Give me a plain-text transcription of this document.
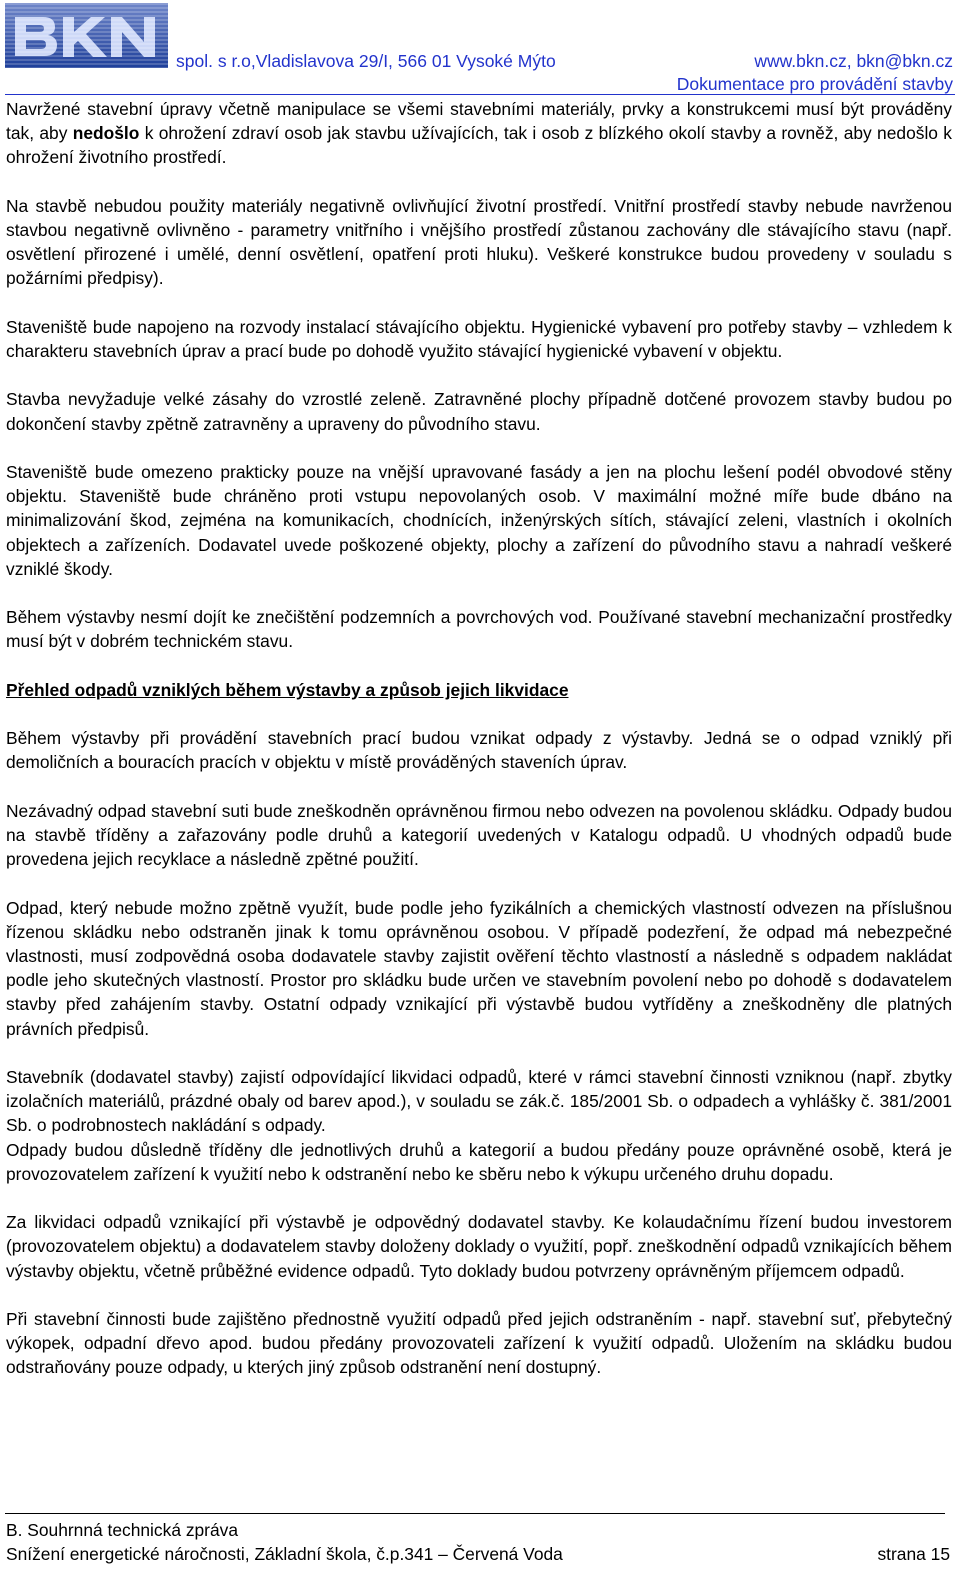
spol. s r.o,Vladislavova 29/I, 566 01 Vysoké Mýto	www.bkn.cz, bkn@bkn.cz
Dokumentace pro provádění stavby

Navržené stavební úpravy včetně manipulace se všemi stavebními materiály, prvky a konstrukcemi musí být prováděny tak, aby nedošlo k ohrožení zdraví osob jak stavbu užívajících, tak i osob z blízkého okolí stavby a rovněž, aby nedošlo k ohrožení životního prostředí.

Na stavbě nebudou použity materiály negativně ovlivňující životní prostředí. Vnitřní prostředí stavby nebude navrženou stavbou negativně ovlivněno - parametry vnitřního i vnějšího prostředí zůstanou zachovány dle stávajícího stavu (např. osvětlení přirozené i umělé, denní osvětlení, opatření proti hluku). Veškeré konstrukce budou provedeny v souladu s požárními předpisy).

Staveniště bude napojeno na rozvody instalací stávajícího objektu. Hygienické vybavení pro potřeby stavby – vzhledem k charakteru stavebních úprav a prací bude po dohodě využito stávající hygienické vybavení v objektu.

Stavba nevyžaduje velké zásahy do vzrostlé zeleně. Zatravněné plochy případně dotčené provozem stavby budou po dokončení stavby zpětně zatravněny a upraveny do původního stavu.

Staveniště bude omezeno prakticky pouze na vnější upravované fasády a jen na plochu lešení podél obvodové stěny objektu. Staveniště bude chráněno proti vstupu nepovolaných osob. V maximální možné míře bude dbáno na minimalizování škod, zejména na komunikacích, chodnících, inženýrských sítích, stávající zeleni, vlastních i okolních objektech a zařízeních. Dodavatel uvede poškozené objekty, plochy a zařízení do původního stavu a nahradí veškeré vzniklé škody.

Během výstavby nesmí dojít ke znečištění podzemních a povrchových vod. Používané stavební mechanizační prostředky musí být v dobrém technickém stavu.

Přehled odpadů vzniklých během výstavby a způsob jejich likvidace

Během výstavby při provádění stavebních prací budou vznikat odpady z výstavby. Jedná se o odpad vzniklý při demoličních a bouracích pracích v objektu v místě prováděných staveních úprav.

Nezávadný odpad stavební suti bude zneškodněn oprávněnou firmou nebo odvezen na povolenou skládku. Odpady budou na stavbě tříděny a zařazovány podle druhů a kategorií uvedených v Katalogu odpadů. U vhodných odpadů bude provedena jejich recyklace a následně zpětné použití.

Odpad, který nebude možno zpětně využít, bude podle jeho fyzikálních a chemických vlastností odvezen na příslušnou řízenou skládku nebo odstraněn jinak k tomu oprávněnou osobou. V případě podezření, že odpad má nebezpečné vlastnosti, musí zodpovědná osoba dodavatele stavby zajistit ověření těchto vlastností a následně s odpadem nakládat podle jeho skutečných vlastností. Prostor pro skládku bude určen ve stavebním povolení nebo po dohodě s dodavatelem stavby před zahájením stavby. Ostatní odpady vznikající při výstavbě budou vytříděny a zneškodněny dle platných právních předpisů.

Stavebník (dodavatel stavby) zajistí odpovídající likvidaci odpadů, které v rámci stavební činnosti vzniknou (např. zbytky izolačních materiálů, prázdné obaly od barev apod.), v souladu se zák.č. 185/2001 Sb. o odpadech a vyhlášky č. 381/2001 Sb. o podrobnostech nakládání s odpady.

Odpady budou důsledně tříděny dle jednotlivých druhů a kategorií a budou předány pouze oprávněné osobě, která je provozovatelem zařízení k využití nebo k odstranění nebo ke sběru nebo k výkupu určeného druhu dopadu.

Za likvidaci odpadů vznikající při výstavbě je odpovědný dodavatel stavby. Ke kolaudačnímu řízení budou investorem (provozovatelem objektu) a dodavatelem stavby doloženy doklady o využití, popř. zneškodnění odpadů vznikajících během výstavby objektu, včetně průběžné evidence odpadů. Tyto doklady budou potvrzeny oprávněným příjemcem odpadů.

Při stavební činnosti bude zajištěno přednostně využití odpadů před jejich odstraněním - např. stavební suť, přebytečný výkopek, odpadní dřevo apod. budou předány provozovateli zařízení k využití odpadů. Uložením na skládku budou odstraňovány pouze odpady, u kterých jiný způsob odstranění není dostupný.

B. Souhrnná technická zpráva
Snížení energetické náročnosti, Základní škola, č.p.341 – Červená Voda	strana 15
